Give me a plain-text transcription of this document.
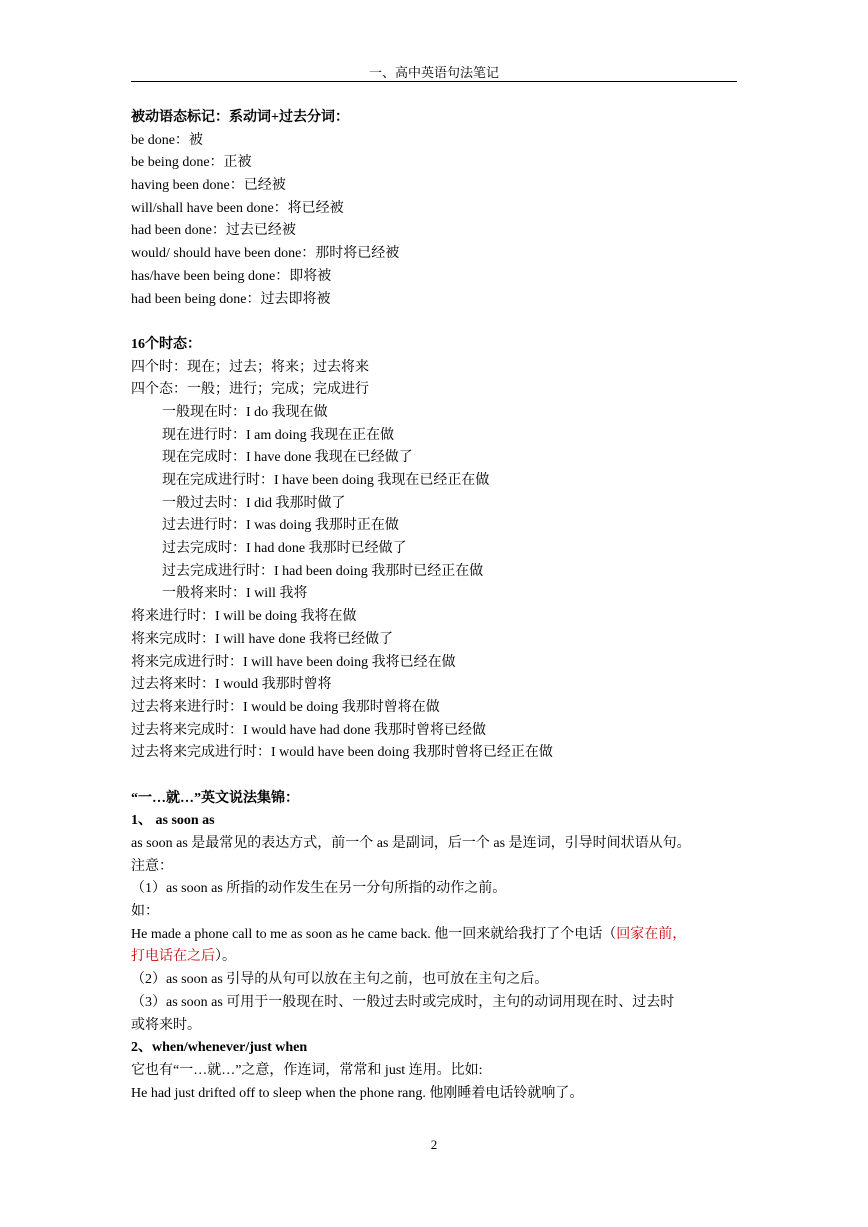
一、高中英语句法笔记
被动语态标记：系动词+过去分词：
be done：被
be being done：正被
having been done：已经被
will/shall have been done：将已经被
had been done：过去已经被
would/ should have been done：那时将已经被
has/have been being done：即将被
had been being done：过去即将被
16个时态：
四个时：现在；过去；将来；过去将来
四个态：一般；进行；完成；完成进行
一般现在时：I do 我现在做
现在进行时：I am doing 我现在正在做
现在完成时：I have done 我现在已经做了
现在完成进行时：I have been doing 我现在已经正在做
一般过去时：I did 我那时做了
过去进行时：I was doing 我那时正在做
过去完成时：I had done 我那时已经做了
过去完成进行时：I had been doing 我那时已经正在做
一般将来时：I will 我将
将来进行时：I will be doing 我将在做
将来完成时：I will have done 我将已经做了
将来完成进行时：I will have been doing 我将已经在做
过去将来时：I would 我那时曾将
过去将来进行时：I would be doing 我那时曾将在做
过去将来完成时：I would have had done 我那时曾将已经做
过去将来完成进行时：I would have been doing 我那时曾将已经正在做
“一…就…”英文说法集锦：
1、 as soon as
as soon as 是最常见的表达方式，前一个 as 是副词，后一个 as 是连词，引导时间状语从句。
注意：
（1）as soon as 所指的动作发生在另一分句所指的动作之前。
如：
He made a phone call to me as soon as he came back. 他一回来就给我打了个电话（回家在前，
打电话在之后）。
（2）as soon as 引导的从句可以放在主句之前，也可放在主句之后。
（3）as soon as 可用于一般现在时、一般过去时或完成时，主句的动词用现在时、过去时
或将来时。
2、when/whenever/just when
它也有“一…就…”之意，作连词，常常和 just 连用。比如:
He had just drifted off to sleep when the phone rang. 他刚睡着电话铃就响了。
2
